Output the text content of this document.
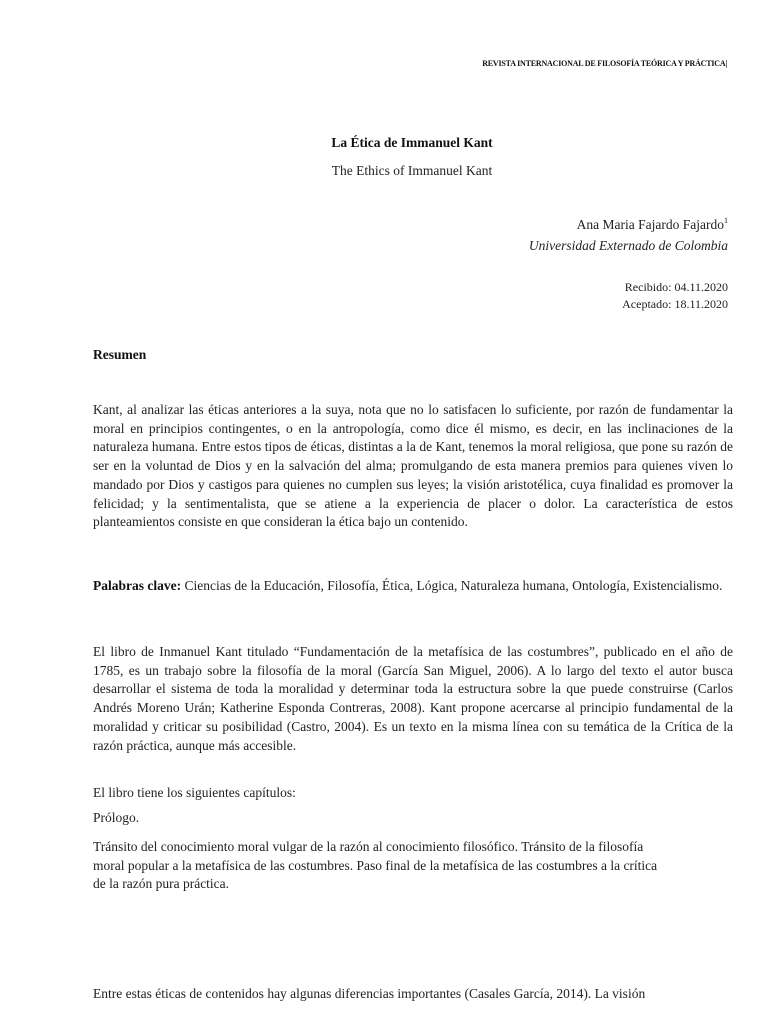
REVISTA INTERNACIONAL DE FILOSOFÍA TEÓRICA Y PRÁCTICA|
La Ética de Immanuel Kant
The Ethics of Immanuel Kant
Ana Maria Fajardo Fajardo$^1$
Universidad Externado de Colombia
Recibido: 04.11.2020
Aceptado: 18.11.2020
Resumen
Kant, al analizar las éticas anteriores a la suya, nota que no lo satisfacen lo suficiente, por razón de fundamentar la moral en principios contingentes, o en la antropología, como dice él mismo, es decir, en las inclinaciones de la naturaleza humana. Entre estos tipos de éticas, distintas a la de Kant, tenemos la moral religiosa, que pone su razón de ser en la voluntad de Dios y en la salvación del alma; promulgando de esta manera premios para quienes viven lo mandado por Dios y castigos para quienes no cumplen sus leyes; la visión aristotélica, cuya finalidad es promover la felicidad; y la sentimentalista, que se atiene a la experiencia de placer o dolor. La característica de estos planteamientos consiste en que consideran la ética bajo un contenido.
Palabras clave: Ciencias de la Educación, Filosofía, Ética, Lógica, Naturaleza humana, Ontología, Existencialismo.
El libro de Inmanuel Kant titulado “Fundamentación de la metafísica de las costumbres”, publicado en el año de 1785, es un trabajo sobre la filosofía de la moral (García San Miguel, 2006). A lo largo del texto el autor busca desarrollar el sistema de toda la moralidad y determinar toda la estructura sobre la que puede construirse (Carlos Andrés Moreno Urán; Katherine Esponda Contreras, 2008). Kant propone acercarse al principio fundamental de la moralidad y criticar su posibilidad (Castro, 2004). Es un texto en la misma línea con su temática de la Crítica de la razón práctica, aunque más accesible.
El libro tiene los siguientes capítulos:
Prólogo.
Tránsito del conocimiento moral vulgar de la razón al conocimiento filosófico. Tránsito de la filosofía moral popular a la metafísica de las costumbres. Paso final de la metafísica de las costumbres a la crítica de la razón pura práctica.
Entre estas éticas de contenidos hay algunas diferencias importantes (Casales García, 2014). La visión
